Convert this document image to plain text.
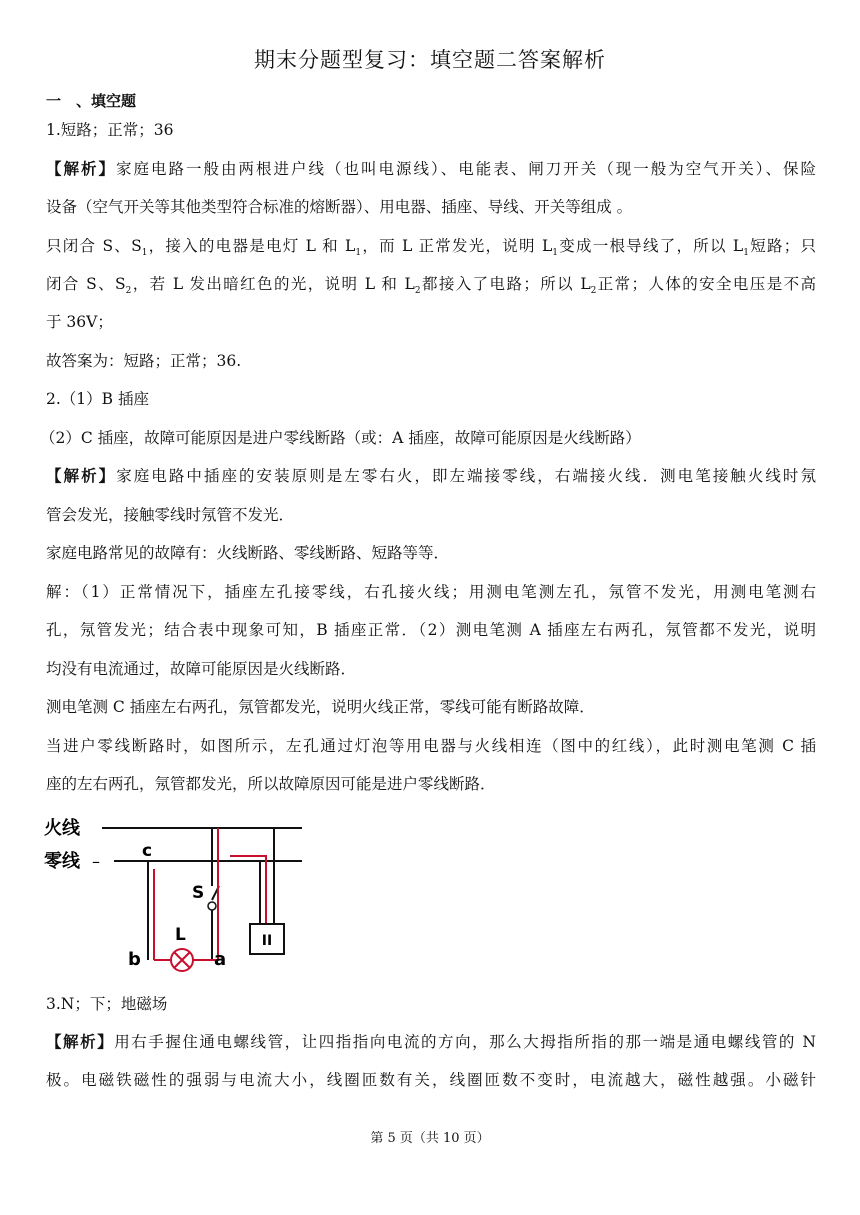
期末分题型复习：填空题二答案解析
一　、填空题
1.短路；正常；36
【解析】家庭电路一般由两根进户线（也叫电源线）、电能表、闸刀开关（现一般为空气开关）、保险
设备（空气开关等其他类型符合标准的熔断器）、用电器、插座、导线、开关等组成 。
只闭合 S、$S_1$，接入的电器是电灯 L 和 $L_1$，而 L 正常发光，说明 $L_1$变成一根导线了，所以 $L_1$短路；只
闭合 S、$S_2$，若 L 发出暗红色的光，说明 L 和 $L_2$都接入了电路；所以 $L_2$正常；人体的安全电压是不高
于 36V；
故答案为：短路；正常；36.
2.（1）B 插座
（2）C 插座，故障可能原因是进户零线断路（或：A 插座，故障可能原因是火线断路）
【解析】家庭电路中插座的安装原则是左零右火，即左端接零线，右端接火线．测电笔接触火线时氖
管会发光，接触零线时氖管不发光．
家庭电路常见的故障有：火线断路、零线断路、短路等等．
解：（1）正常情况下，插座左孔接零线，右孔接火线；用测电笔测左孔，氖管不发光，用测电笔测右
孔，氖管发光；结合表中现象可知，B 插座正常．（2）测电笔测 A 插座左右两孔，氖管都不发光，说明
均没有电流通过，故障可能原因是火线断路．
测电笔测 C 插座左右两孔，氖管都发光，说明火线正常，零线可能有断路故障．
当进户零线断路时，如图所示，左孔通过灯泡等用电器与火线相连（图中的红线），此时测电笔测 C 插
座的左右两孔，氖管都发光，所以故障原因可能是进户零线断路．
II
火线
零线 –
c
b	a
L
S
3.N；下；地磁场
【解析】用右手握住通电螺线管，让四指指向电流的方向，那么大拇指所指的那一端是通电螺线管的 N
极。电磁铁磁性的强弱与电流大小，线圈匝数有关，线圈匝数不变时，电流越大，磁性越强。小磁针
第 5 页（共 10 页）
